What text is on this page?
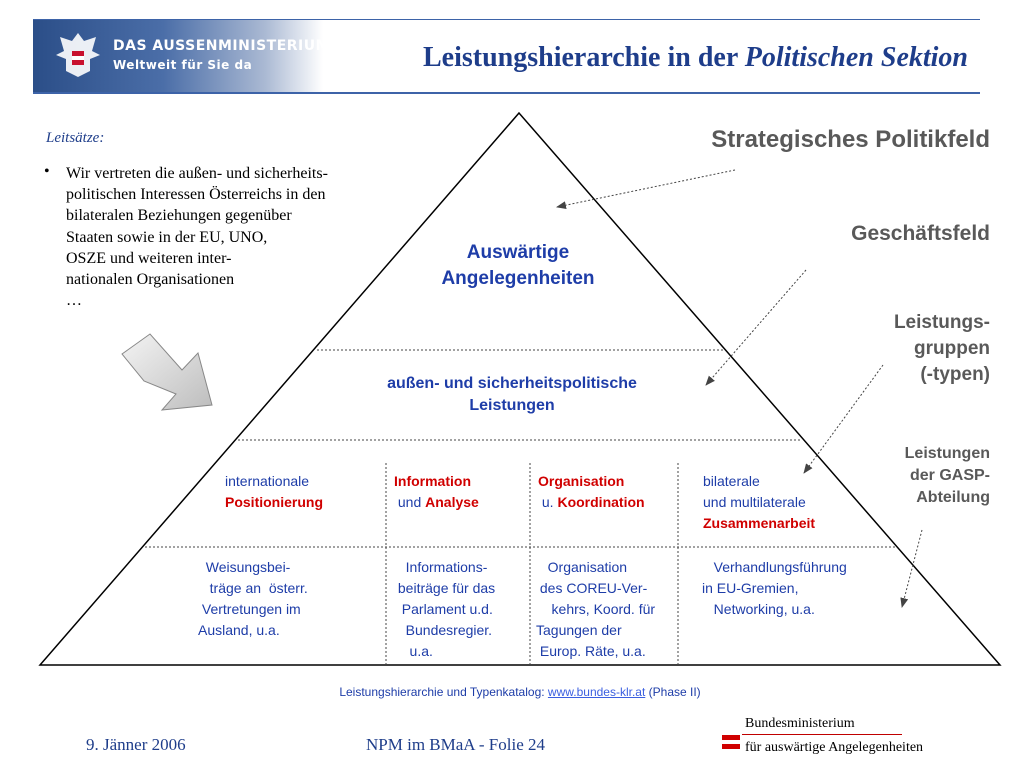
DAS AUSSENMINISTERIUM
Weltweit für Sie da	Leistungshierarchie in der Politischen Sektion
Leitsätze:
• Wir vertreten die außen- und sicherheits-
politischen Interessen Österreichs in den
bilateralen Beziehungen gegenüber
Staaten sowie in der EU, UNO,
OSZE und weiteren inter-
nationalen Organisationen
…
Strategisches Politikfeld
Geschäftsfeld
Leistungs-
gruppen
(-typen)
Leistungen
der GASP-
Abteilung
Auswärtige
Angelegenheiten
außen- und sicherheitspolitische
Leistungen
internationale
Positionierung
Information
und Analyse
Organisation
u. Koordination
bilaterale
und multilaterale
Zusammenarbeit
Weisungsbei-
träge an  österr.
Vertretungen im
Ausland, u.a.
Informations-
beiträge für das
Parlament u.d.
Bundesregier.
u.a.
Organisation
des COREU-Ver-
kehrs, Koord. für
Tagungen der
Europ. Räte, u.a.
Verhandlungsführung
in EU-Gremien,
Networking, u.a.
Leistungshierarchie und Typenkatalog: www.bundes-klr.at (Phase II)
9. Jänner 2006	NPM im BMaA - Folie 24
Bundesministerium
für auswärtige Angelegenheiten
